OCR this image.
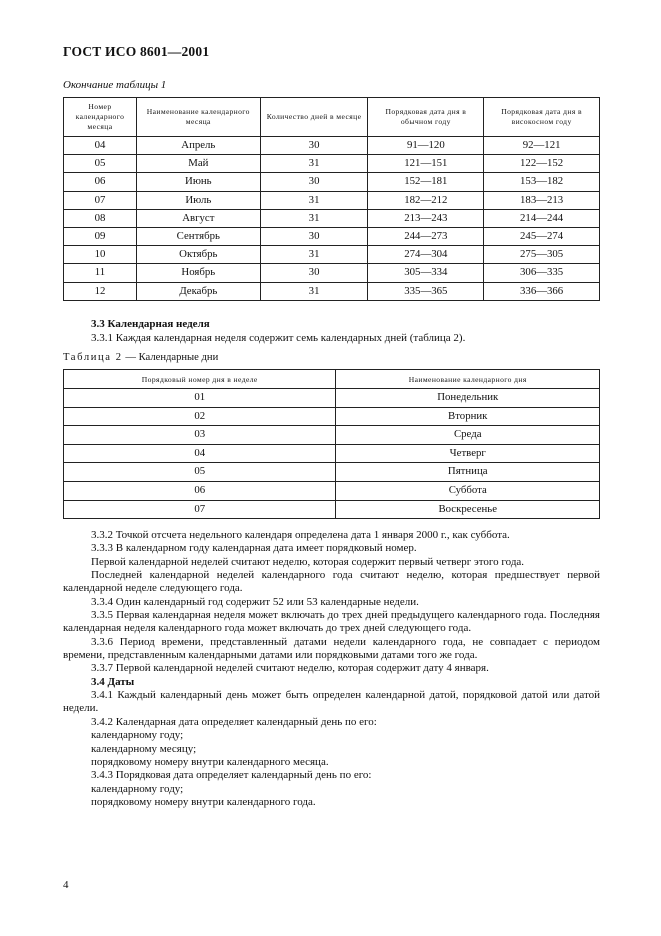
ГОСТ ИСО 8601—2001
Окончание таблицы 1
Номер календарного месяца	Наименование календарного месяца	Количество дней в месяце	Порядковая дата дня в обычном году	Порядковая дата дня в високосном году
04	Апрель	30	91—120	92—121
05	Май	31	121—151	122—152
06	Июнь	30	152—181	153—182
07	Июль	31	182—212	183—213
08	Август	31	213—243	214—244
09	Сентябрь	30	244—273	245—274
10	Октябрь	31	274—304	275—305
11	Ноябрь	30	305—334	306—335
12	Декабрь	31	335—365	336—366
3.3 Календарная неделя
3.3.1 Каждая календарная неделя содержит семь календарных дней (таблица 2).
Таблица 2 — Календарные дни
Порядковый номер дня в неделе	Наименование календарного дня
01	Понедельник
02	Вторник
03	Среда
04	Четверг
05	Пятница
06	Суббота
07	Воскресенье

3.3.2 Точкой отсчета недельного календаря определена дата 1 января 2000 г., как суббота.

3.3.3 В календарном году календарная дата имеет порядковый номер.

Первой календарной неделей считают неделю, которая содержит первый четверг этого года.

Последней календарной неделей календарного года считают неделю, которая предшествует первой календарной неделе следующего года.

3.3.4 Один календарный год содержит 52 или 53 календарные недели.

3.3.5 Первая календарная неделя может включать до трех дней предыдущего календарного года. Последняя календарная неделя календарного года может включать до трех дней следующего года.

3.3.6 Период времени, представленный датами недели календарного года, не совпадает с периодом времени, представленным календарными датами или порядковыми датами того же года.

3.3.7 Первой календарной неделей считают неделю, которая содержит дату 4 января.

3.4 Даты

3.4.1 Каждый календарный день может быть определен календарной датой, порядковой датой или датой недели.

3.4.2 Календарная дата определяет календарный день по его:

календарному году;

календарному месяцу;

порядковому номеру внутри календарного месяца.

3.4.3 Порядковая дата определяет календарный день по его:

календарному году;

порядковому номеру внутри календарного года.

4
